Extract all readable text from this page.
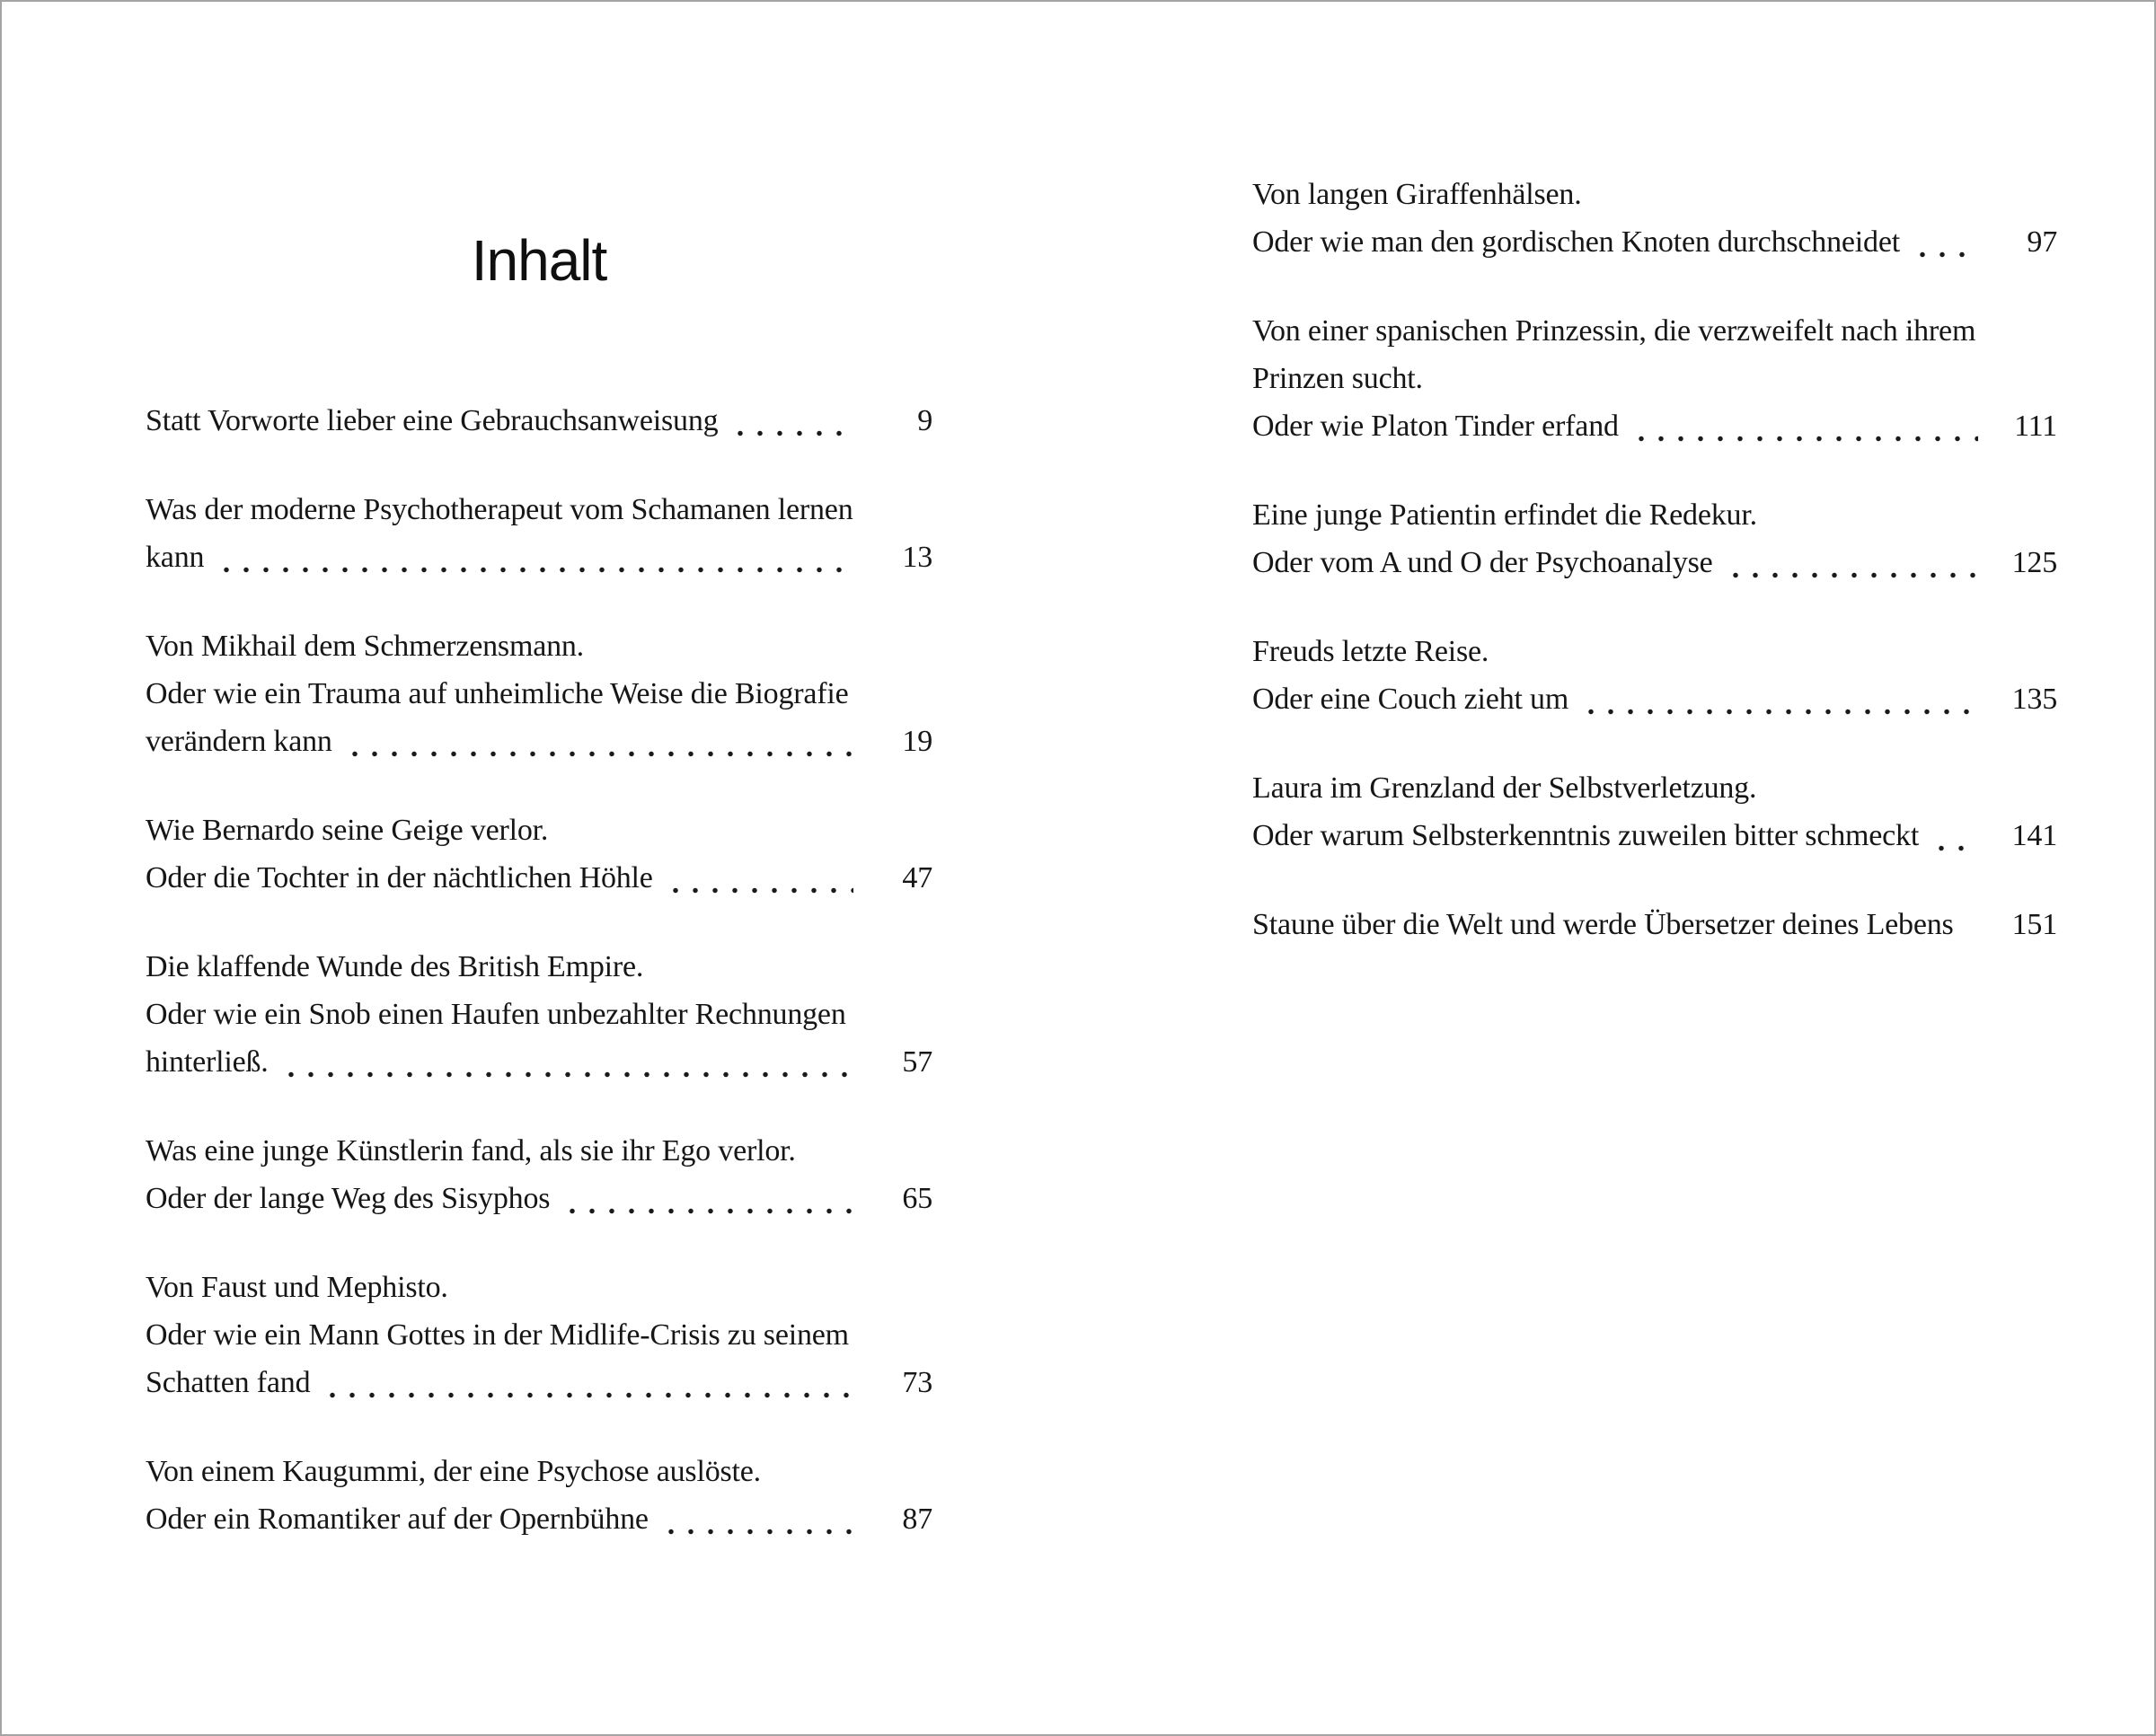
Inhalt
Statt Vorworte lieber eine Gebrauchsanweisung	9
Was der moderne Psychotherapeut vom Schamanen lernen
kann	13
Von Mikhail dem Schmerzensmann.
Oder wie ein Trauma auf unheimliche Weise die Biografie
verändern kann	19
Wie Bernardo seine Geige verlor.
Oder die Tochter in der nächtlichen Höhle	47
Die klaffende Wunde des British Empire.
Oder wie ein Snob einen Haufen unbezahlter Rechnungen
hinterließ.	57
Was eine junge Künstlerin fand, als sie ihr Ego verlor.
Oder der lange Weg des Sisyphos	65
Von Faust und Mephisto.
Oder wie ein Mann Gottes in der Midlife-Crisis zu seinem
Schatten fand	73
Von einem Kaugummi, der eine Psychose auslöste.
Oder ein Romantiker auf der Opernbühne	87
Von langen Giraffenhälsen.
Oder wie man den gordischen Knoten durchschneidet	97
Von einer spanischen Prinzessin, die verzweifelt nach ihrem
Prinzen sucht.
Oder wie Platon Tinder erfand	111
Eine junge Patientin erfindet die Redekur.
Oder vom A und O der Psychoanalyse	125
Freuds letzte Reise.
Oder eine Couch zieht um	135
Laura im Grenzland der Selbstverletzung.
Oder warum Selbsterkenntnis zuweilen bitter schmeckt	141
Staune über die Welt und werde Übersetzer deines Lebens	151
